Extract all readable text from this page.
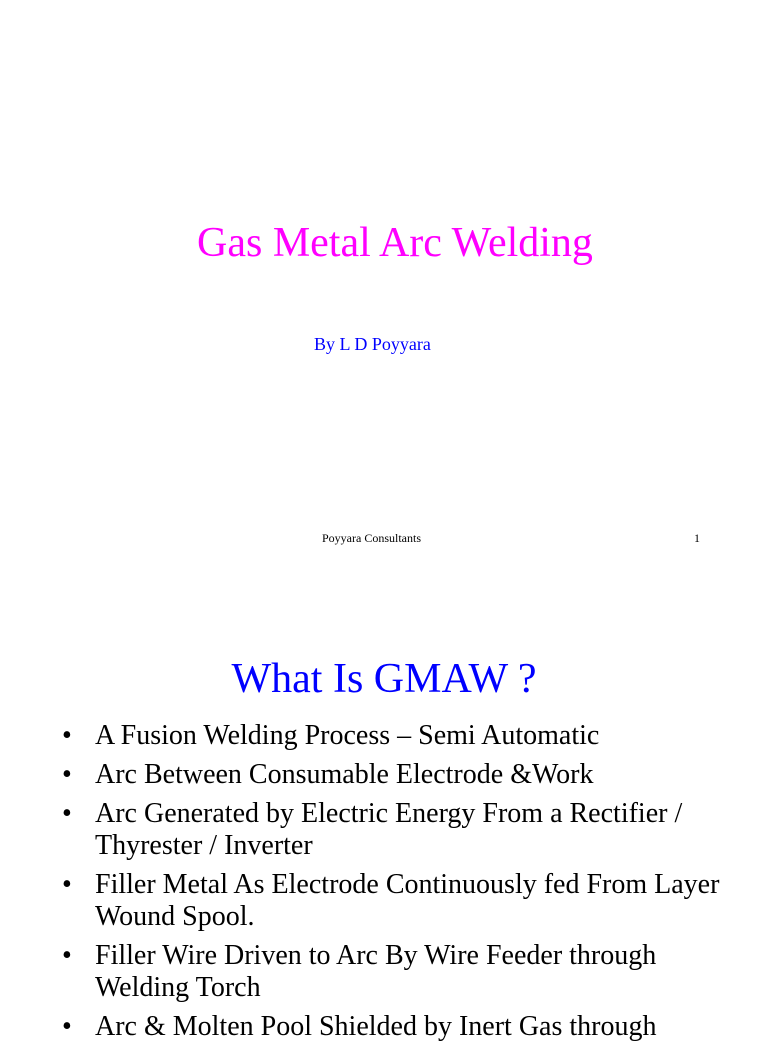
Gas Metal Arc Welding
By L D Poyyara
Poyyara Consultants	1
What Is GMAW ?
• A Fusion Welding Process – Semi Automatic
• Arc Between Consumable Electrode &Work
• Arc Generated by Electric Energy From a Rectifier / Thyrester / Inverter
• Filler Metal As Electrode Continuously fed From Layer Wound Spool.
• Filler Wire Driven to Arc By Wire Feeder through Welding Torch
• Arc & Molten Pool Shielded by Inert Gas through
